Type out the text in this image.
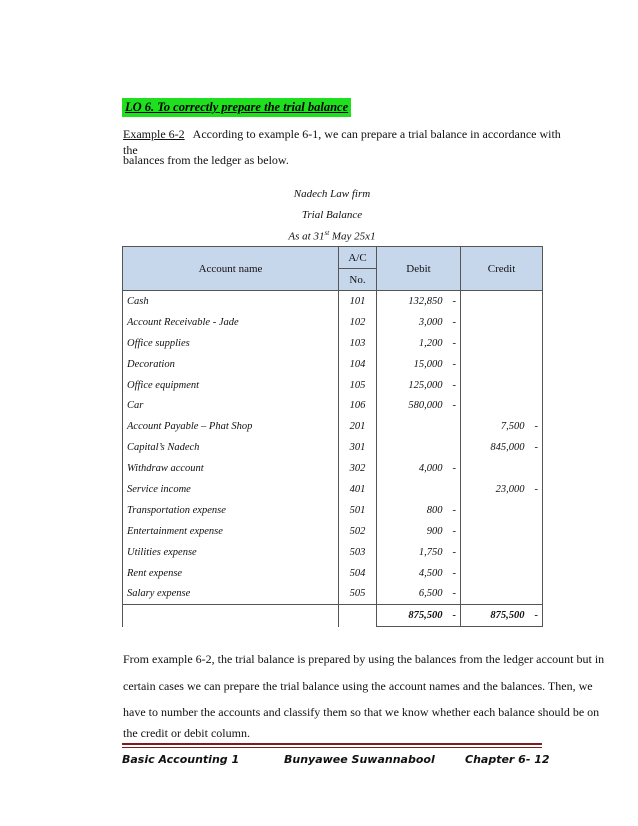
LO 6. To correctly prepare the trial balance
Example 6-2 According to example 6-1, we can prepare a trial balance in accordance with the
balances from the ledger as below.
Nadech Law firm
Trial Balance
As at 31st May 25x1
Account name	A/C	Debit		Credit	
	No.				
Cash	101	132,850	-		
Account Receivable - Jade	102	3,000	-		
Office supplies	103	1,200	-		
Decoration	104	15,000	-		
Office equipment	105	125,000	-		
Car	106	580,000	-		
Account Payable – Phat Shop	201			7,500	-
Capital’s Nadech	301			845,000	-
Withdraw account	302	4,000	-		
Service income	401			23,000	-
Transportation expense	501	800	-		
Entertainment expense	502	900	-		
Utilities expense	503	1,750	-		
Rent expense	504	4,500	-		
Salary expense	505	6,500	-		
		875,500	-	875,500	-
From example 6-2, the trial balance is prepared by using the balances from the ledger account but in
certain cases we can prepare the trial balance using the account names and the balances. Then, we
have to number the accounts and classify them so that we know whether each balance should be on
the credit or debit column.
Basic Accounting 1	Bunyawee Suwannabool	Chapter 6- 12
